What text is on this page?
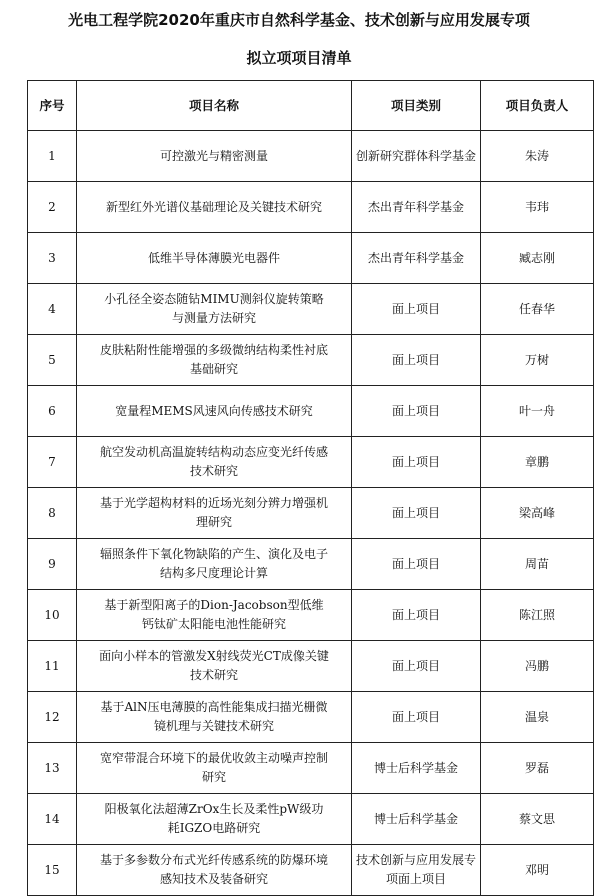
光电工程学院2020年重庆市自然科学基金、技术创新与应用发展专项
拟立项项目清单
序号	项目名称	项目类别	项目负责人
1	可控激光与精密测量	创新研究群体科学基金	朱涛
2	新型红外光谱仪基础理论及关键技术研究	杰出青年科学基金	韦玮
3	低维半导体薄膜光电器件	杰出青年科学基金	臧志刚
4	小孔径全姿态随钻MIMU测斜仪旋转策略与测量方法研究	面上项目	任春华
5	皮肤粘附性能增强的多级微纳结构柔性衬底基础研究	面上项目	万树
6	宽量程MEMS风速风向传感技术研究	面上项目	叶一舟
7	航空发动机高温旋转结构动态应变光纤传感技术研究	面上项目	章鹏
8	基于光学超构材料的近场光刻分辨力增强机理研究	面上项目	梁高峰
9	辐照条件下氧化物缺陷的产生、演化及电子结构多尺度理论计算	面上项目	周苗
10	基于新型阳离子的Dion-Jacobson型低维钙钛矿太阳能电池性能研究	面上项目	陈江照
11	面向小样本的管激发X射线荧光CT成像关键技术研究	面上项目	冯鹏
12	基于AlN压电薄膜的高性能集成扫描光栅微镜机理与关键技术研究	面上项目	温泉
13	宽窄带混合环境下的最优收敛主动噪声控制研究	博士后科学基金	罗磊
14	阳极氧化法超薄ZrOx生长及柔性pW级功耗IGZO电路研究	博士后科学基金	蔡文思
15	基于多参数分布式光纤传感系统的防爆环境感知技术及装备研究	技术创新与应用发展专项面上项目	邓明
